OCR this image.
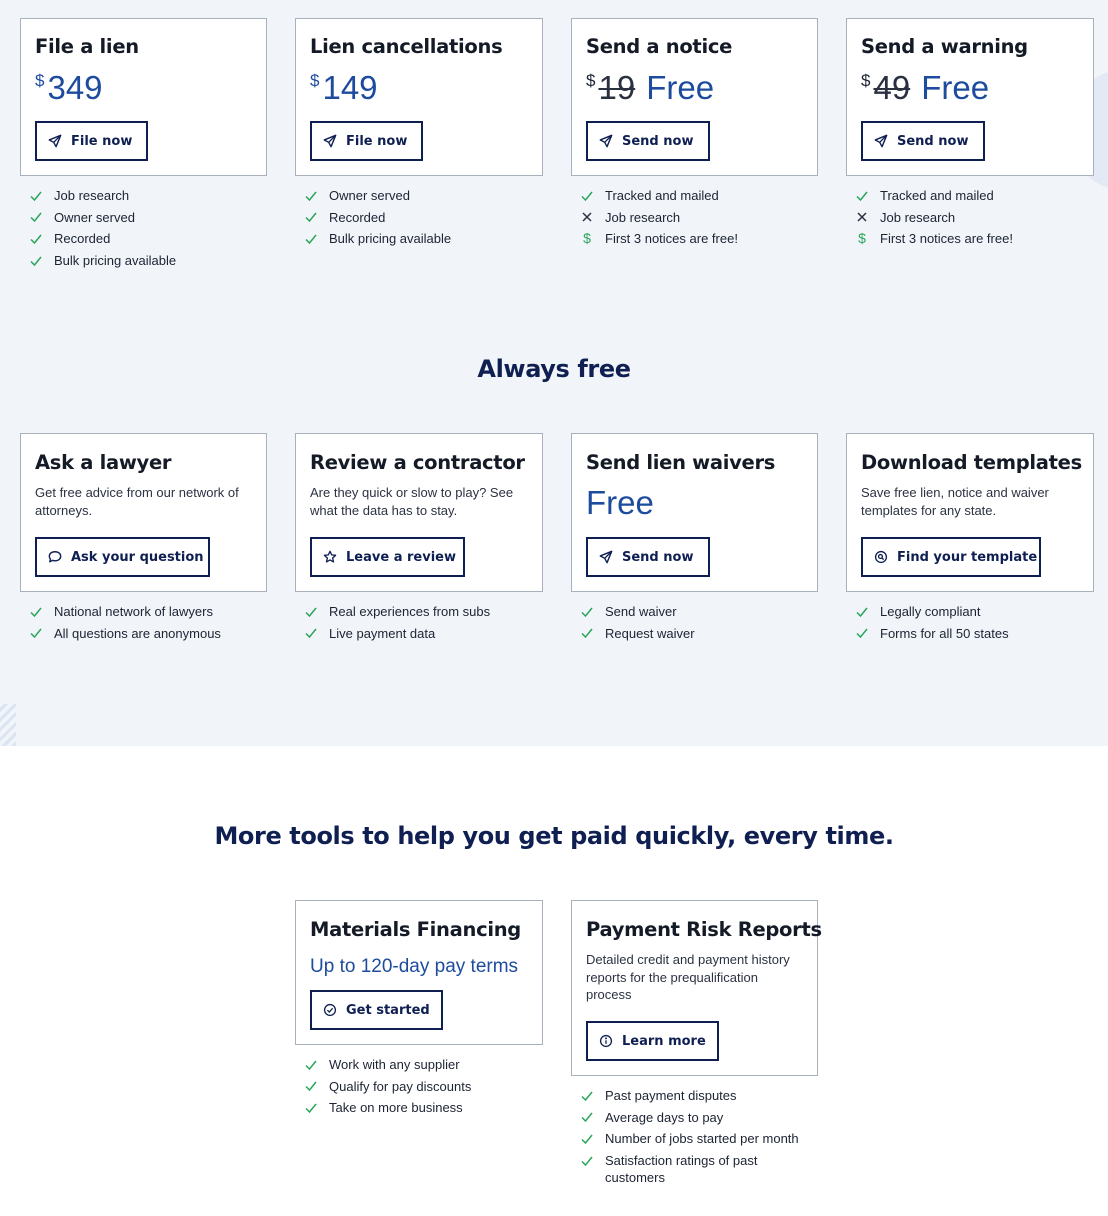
File a lien
$ 349
File now
Job research
Owner served
Recorded
Bulk pricing available
Lien cancellations
$ 149
File now
Owner served
Recorded
Bulk pricing available
Send a notice
$ 19 Free
Send now
Tracked and mailed
Job research
$ First 3 notices are free!
Send a warning
$ 49 Free
Send now
Tracked and mailed
Job research
$ First 3 notices are free!
Always free
Ask a lawyer
Get free advice from our network of attorneys.
Ask your question
National network of lawyers
All questions are anonymous
Review a contractor
Are they quick or slow to play? See what the data has to stay.
Leave a review
Real experiences from subs
Live payment data
Send lien waivers
Free
Send now
Send waiver
Request waiver
Download templates
Save free lien, notice and waiver templates for any state.
Find your template
Legally compliant
Forms for all 50 states
More tools to help you get paid quickly, every time.
Materials Financing
Up to 120-day pay terms
Get started
Work with any supplier
Qualify for pay discounts
Take on more business
Payment Risk Reports
Detailed credit and payment history reports for the prequalification process
Learn more
Past payment disputes
Average days to pay
Number of jobs started per month
Satisfaction ratings of past customers
